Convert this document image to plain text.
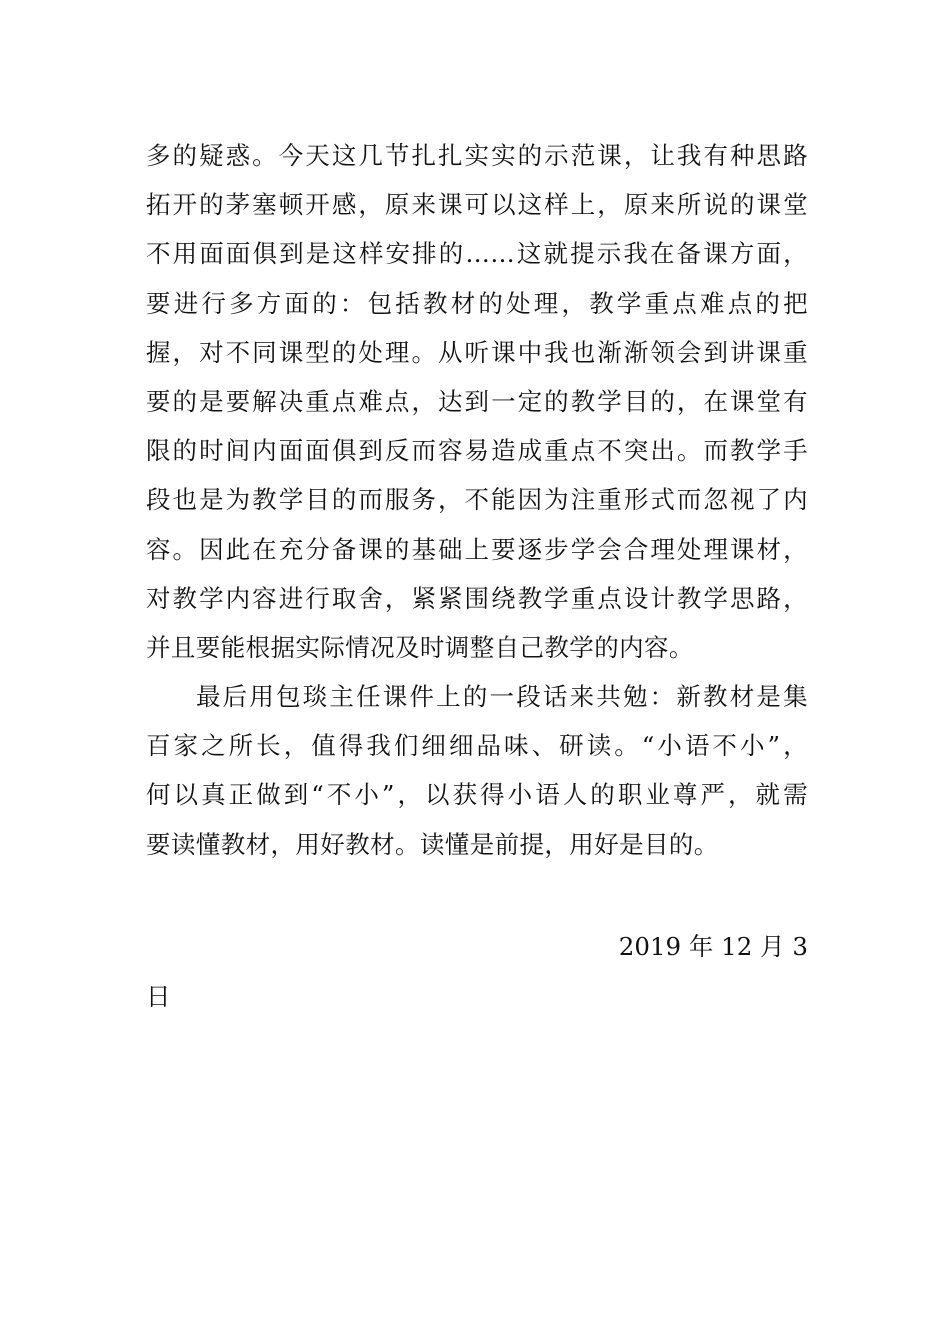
多的疑惑。今天这几节扎扎实实的示范课，让我有种思路
拓开的茅塞顿开感，原来课可以这样上，原来所说的课堂
不用面面俱到是这样安排的……这就提示我在备课方面，
要进行多方面的：包括教材的处理，教学重点难点的把
握，对不同课型的处理。从听课中我也渐渐领会到讲课重
要的是要解决重点难点，达到一定的教学目的，在课堂有
限的时间内面面俱到反而容易造成重点不突出。而教学手
段也是为教学目的而服务，不能因为注重形式而忽视了内
容。因此在充分备课的基础上要逐步学会合理处理课材，
对教学内容进行取舍，紧紧围绕教学重点设计教学思路，
并且要能根据实际情况及时调整自己教学的内容。
最后用包琰主任课件上的一段话来共勉：新教材是集
百家之所长，值得我们细细品味、研读。“小语不小”，
何以真正做到“不小”，以获得小语人的职业尊严，就需
要读懂教材，用好教材。读懂是前提，用好是目的。
2019 年 12 月 3
日
